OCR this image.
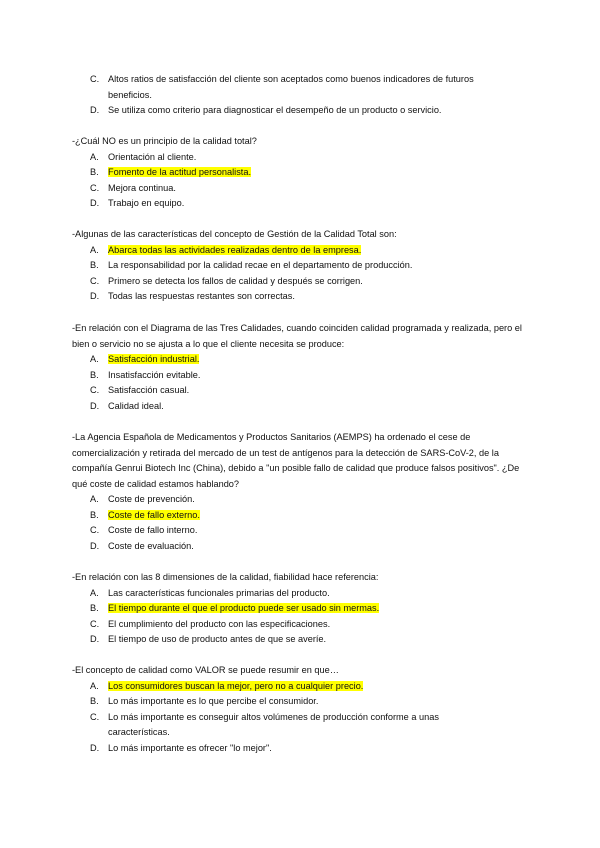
C. Altos ratios de satisfacción del cliente son aceptados como buenos indicadores de futuros
beneficios.
D. Se utiliza como criterio para diagnosticar el desempeño de un producto o servicio.

-¿Cuál NO es un principio de la calidad total?

A. Orientación al cliente.
B. Fomento de la actitud personalista.
C. Mejora continua.
D. Trabajo en equipo.

-Algunas de las características del concepto de Gestión de la Calidad Total son:

A. Abarca todas las actividades realizadas dentro de la empresa.
B. La responsabilidad por la calidad recae en el departamento de producción.
C. Primero se detecta los fallos de calidad y después se corrigen.
D. Todas las respuestas restantes son correctas.

-En relación con el Diagrama de las Tres Calidades, cuando coinciden calidad programada y realizada, pero el bien o servicio no se ajusta a lo que el cliente necesita se produce:

A. Satisfacción industrial.
B. Insatisfacción evitable.
C. Satisfacción casual.
D. Calidad ideal.

-La Agencia Española de Medicamentos y Productos Sanitarios (AEMPS) ha ordenado el cese de comercialización y retirada del mercado de un test de antígenos para la detección de SARS-CoV-2, de la compañía Genrui Biotech Inc (China), debido a "un posible fallo de calidad que produce falsos positivos". ¿De qué coste de calidad estamos hablando?

A. Coste de prevención.
B. Coste de fallo externo.
C. Coste de fallo interno.
D. Coste de evaluación.

-En relación con las 8 dimensiones de la calidad, fiabilidad hace referencia:

A. Las características funcionales primarias del producto.
B. El tiempo durante el que el producto puede ser usado sin mermas.
C. El cumplimiento del producto con las especificaciones.
D. El tiempo de uso de producto antes de que se averíe.

-El concepto de calidad como VALOR se puede resumir en que…

A. Los consumidores buscan la mejor, pero no a cualquier precio.
B. Lo más importante es lo que percibe el consumidor.
C. Lo más importante es conseguir altos volúmenes de producción conforme a unas
características.
D. Lo más importante es ofrecer "lo mejor".
